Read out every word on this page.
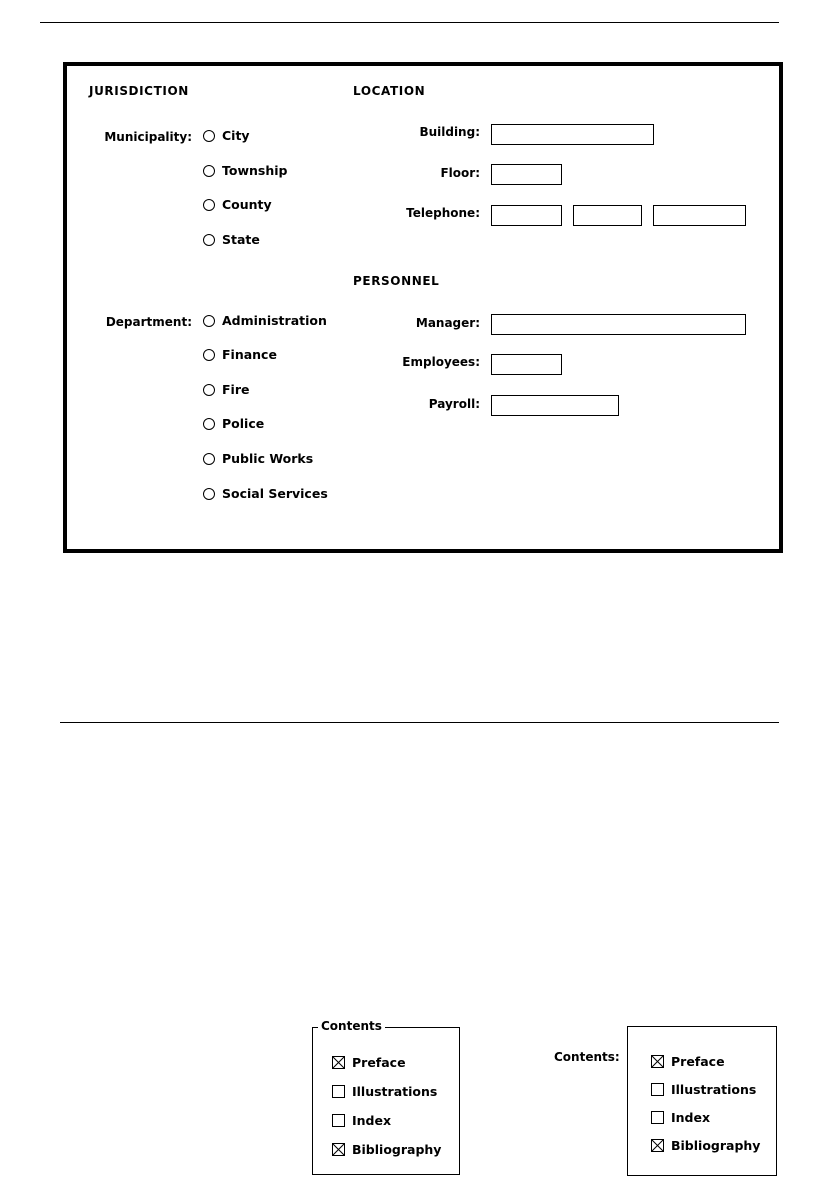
JURISDICTION	LOCATION
PERSONNEL
Municipality: City
Township
County
State
Department: Administration
Finance
Fire
Police
Public Works
Social Services
Building:
Floor:
Telephone:
Manager:
Employees:
Payroll:
Contents
Preface
Illustrations
Index
Bibliography
Contents:	Preface
Illustrations
Index
Bibliography
